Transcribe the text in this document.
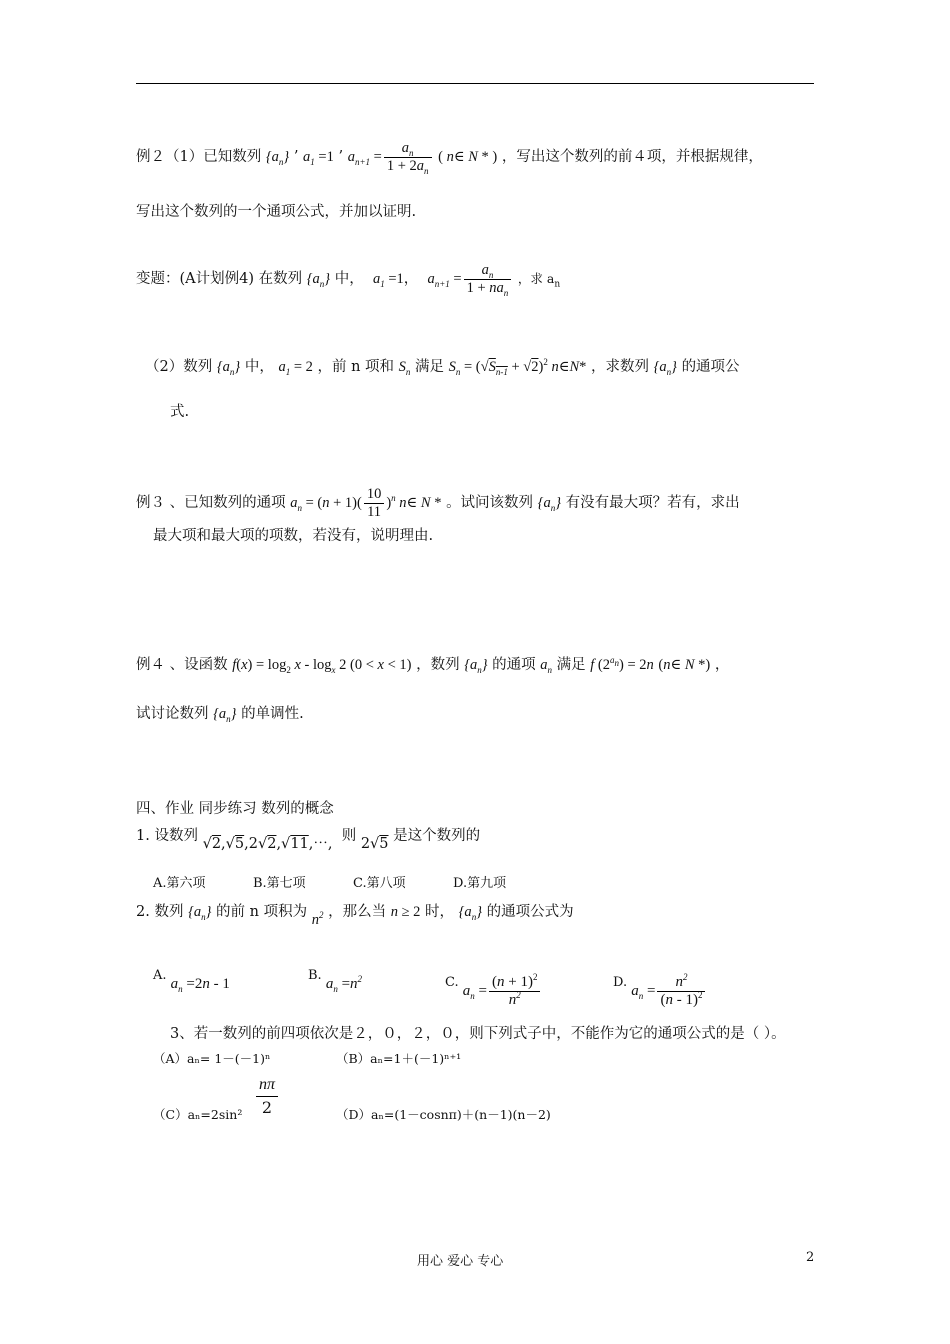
例２（1）已知数列 $\{a_n\}$ ’ $a_1 =1$ ’ $a_{n+1} = \frac{a_n}{1 + 2a_n}$ ( n∈ N * ) ，写出这个数列的前４项，并根据规律，
写出这个数列的一个通项公式，并加以证明.
变题：(A计划例4) 在数列 $\{a_n\}$ 中， $a_1 =1$， $a_{n+1} = \frac{a_n}{1 + na_n}$ ，求 $a_n$
（2）数列 $\{a_n\}$ 中， $a_1 = 2$ ，前 n 项和 $S_n$ 满足 $S_n = (√S_{n-1} + √2)^2$ n∈N* ，求数列 $\{a_n\}$ 的通项公
式.
例３ 、已知数列的通项 $a_n = (n + 1)( \frac{10}{11} )^n$ n∈ N * 。试问该数列 $\{a_n\}$ 有没有最大项？若有，求出
最大项和最大项的项数，若没有，说明理由.
例４ 、设函数 $f(x) = \log_2 x - \log_x 2$ (0 < x < 1) ，数列 $\{a_n\}$ 的通项 $a_n$ 满足 f $(2^{a_n}) = 2n$ (n∈ N *) ，
试讨论数列 $\{a_n\}$ 的单调性.
四、作业 同步练习 数列的概念
1. 设数列 √2,√5,2√2,√11,⋯, 则 2√5 是这个数列的
A.第六项	B.第七项	C.第八项	D.第九项
2. 数列 $\{a_n\}$ 的前 n 项积为 $n^2$ ，那么当 n ≥ 2 时， $\{a_n\}$ 的通项公式为
A. $a_n =2n - 1$
B. $a_n =n^2$	C. $a_n = \frac{(n + 1)^2}{n^2}$	D. $a_n = \frac{n^2}{(n - 1)^2}$
3、若一数列的前四项依次是２，０，２，０，则下列式子中，不能作为它的通项公式的是（ ）。
（A）aₙ= 1－(－1)ⁿ	（B）aₙ=1＋(－1)ⁿ⁺¹
$(C)a_n=2\sin^2 \frac{n\pi}{2}$	（D）aₙ=(1－cosnπ)＋(n－1)(n－2)
用心 爱心 专心	2
